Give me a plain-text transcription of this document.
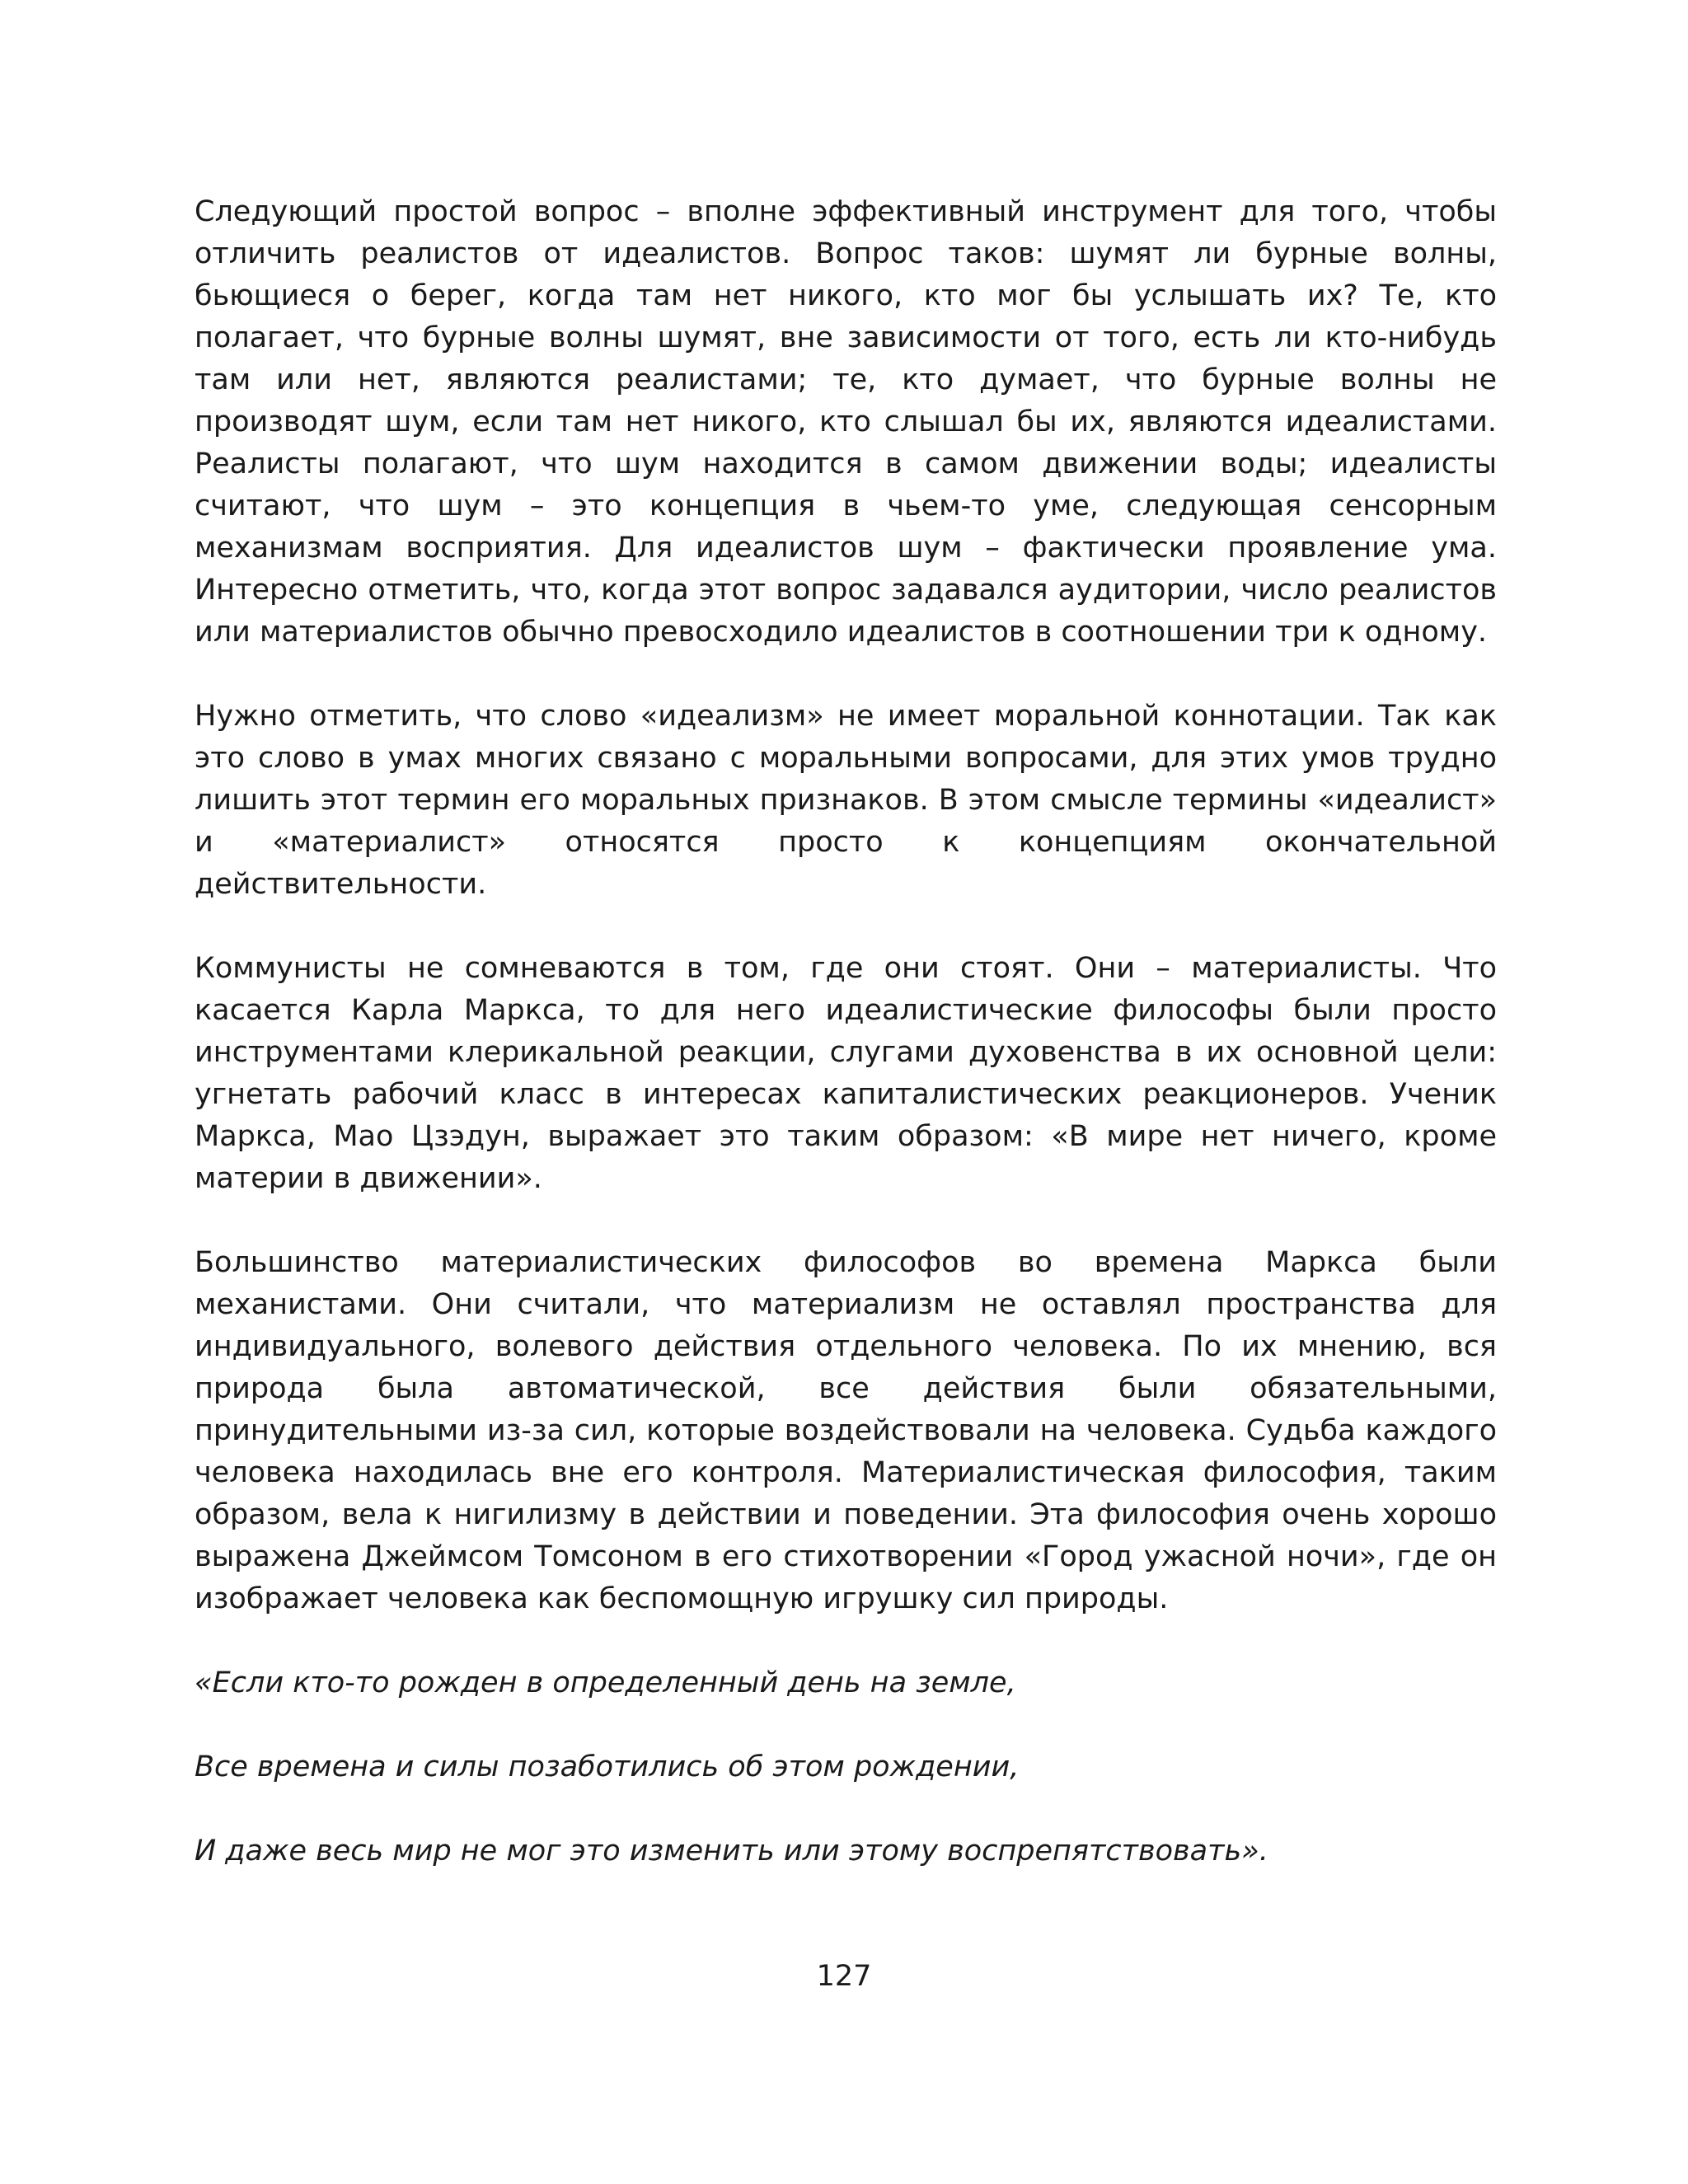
Следующий простой вопрос – вполне эффективный инструмент для того, чтобы отличить реалистов от идеалистов. Вопрос таков: шумят ли бурные волны, бьющиеся о берег, когда там нет никого, кто мог бы услышать их? Те, кто полагает, что бурные волны шумят, вне зависимости от того, есть ли кто-нибудь там или нет, являются реалистами; те, кто думает, что бурные волны не производят шум, если там нет никого, кто слышал бы их, являются идеалистами. Реалисты полагают, что шум находится в самом движении воды; идеалисты считают, что шум – это концепция в чьем-то уме, следующая сенсорным механизмам восприятия. Для идеалистов шум – фактически проявление ума. Интересно отметить, что, когда этот вопрос задавался аудитории, число реалистов или материалистов обычно превосходило идеалистов в соотношении три к одному.

Нужно отметить, что слово «идеализм» не имеет моральной коннотации. Так как это слово в умах многих связано с моральными вопросами, для этих умов трудно лишить этот термин его моральных признаков. В этом смысле термины «идеалист» и «материалист» относятся просто к концепциям окончательной действительности.

Коммунисты не сомневаются в том, где они стоят. Они – материалисты. Что касается Карла Маркса, то для него идеалистические философы были просто инструментами клерикальной реакции, слугами духовенства в их основной цели: угнетать рабочий класс в интересах капиталистических реакционеров. Ученик Маркса, Мао Цзэдун, выражает это таким образом: «В мире нет ничего, кроме материи в движении».

Большинство материалистических философов во времена Маркса были механистами. Они считали, что материализм не оставлял пространства для индивидуального, волевого действия отдельного человека. По их мнению, вся природа была автоматической, все действия были обязательными, принудительными из-за сил, которые воздействовали на человека. Судьба каждого человека находилась вне его контроля. Материалистическая философия, таким образом, вела к нигилизму в действии и поведении. Эта философия очень хорошо выражена Джеймсом Томсоном в его стихотворении «Город ужасной ночи», где он изображает человека как беспомощную игрушку сил природы.

«Если кто-то рожден в определенный день на земле,

Все времена и силы позаботились об этом рождении,

И даже весь мир не мог это изменить или этому воспрепятствовать».

127
